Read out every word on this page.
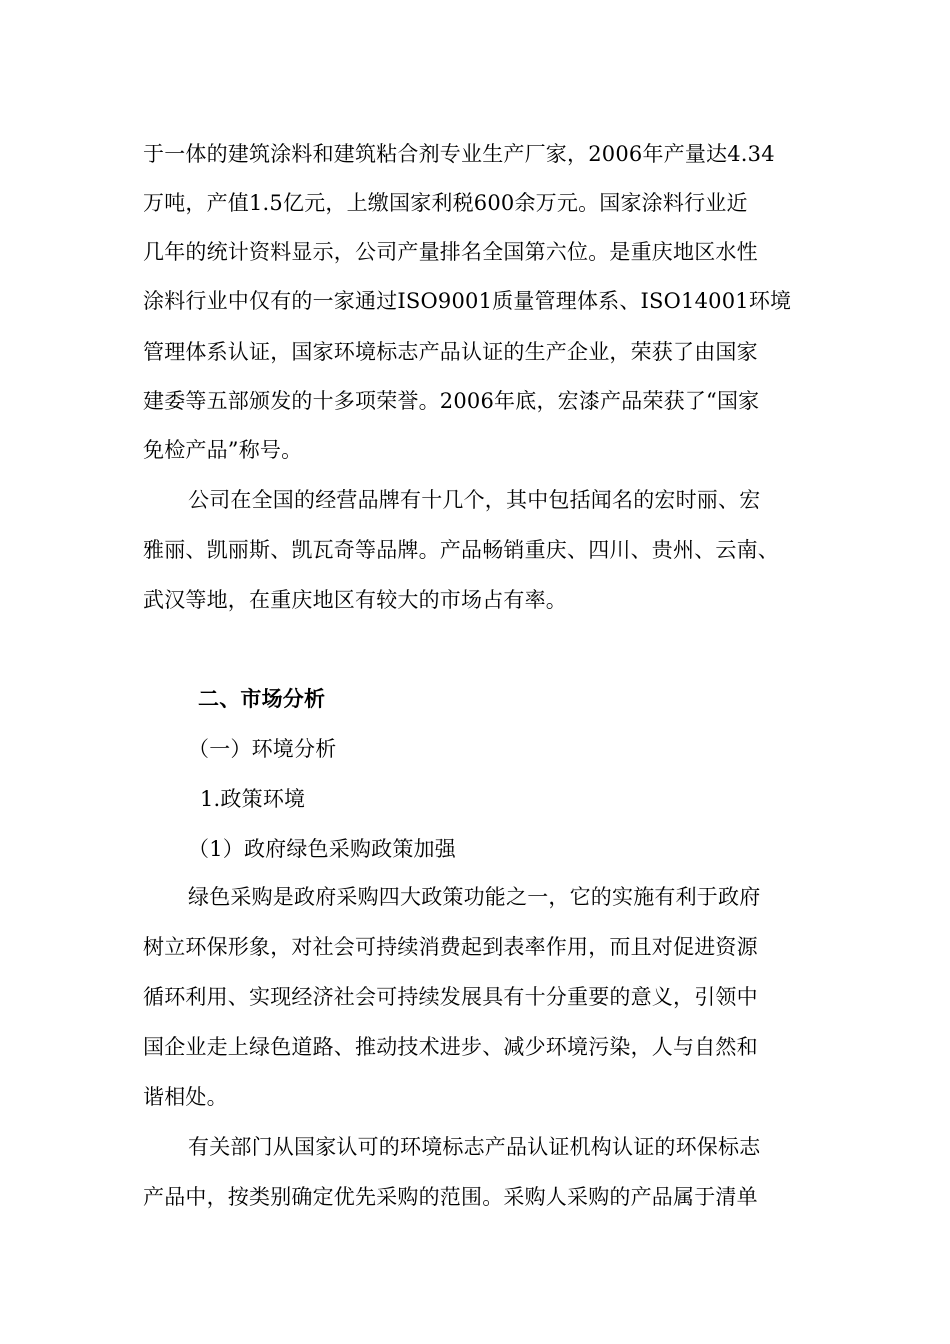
于一体的建筑涂料和建筑粘合剂专业生产厂家，2006年产量达4.34
万吨，产值1.5亿元，上缴国家利税600余万元。国家涂料行业近
几年的统计资料显示，公司产量排名全国第六位。是重庆地区水性
涂料行业中仅有的一家通过ISO9001质量管理体系、ISO14001环境
管理体系认证，国家环境标志产品认证的生产企业，荣获了由国家
建委等五部颁发的十多项荣誉。2006年底，宏漆产品荣获了“国家
免检产品”称号。
公司在全国的经营品牌有十几个，其中包括闻名的宏时丽、宏
雅丽、凯丽斯、凯瓦奇等品牌。产品畅销重庆、四川、贵州、云南、
武汉等地，在重庆地区有较大的市场占有率。
二、市场分析
（一）环境分析
1.政策环境
（1）政府绿色采购政策加强
绿色采购是政府采购四大政策功能之一，它的实施有利于政府
树立环保形象，对社会可持续消费起到表率作用，而且对促进资源
循环利用、实现经济社会可持续发展具有十分重要的意义，引领中
国企业走上绿色道路、推动技术进步、减少环境污染，人与自然和
谐相处。
有关部门从国家认可的环境标志产品认证机构认证的环保标志
产品中，按类别确定优先采购的范围。采购人采购的产品属于清单
